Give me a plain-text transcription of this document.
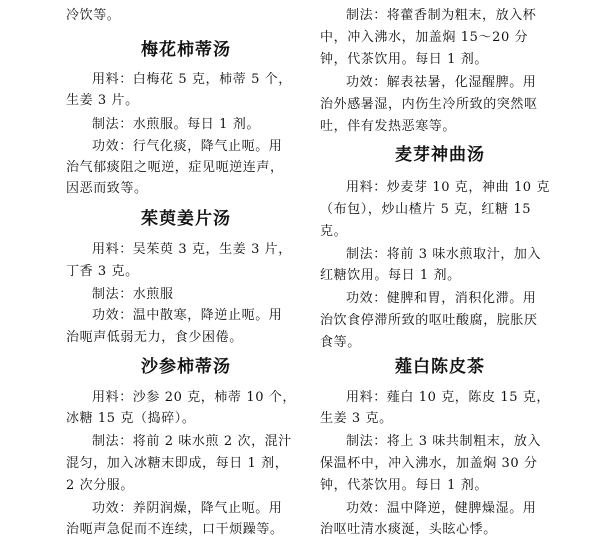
冷饮等。
梅花柿蒂汤
用料：白梅花 5 克，柿蒂 5 个，
生姜 3 片。
制法：水煎服。每日 1 剂。
功效：行气化痰，降气止呃。用
治气郁痰阻之呃逆，症见呃逆连声，
因恶而致等。
茱萸姜片汤
用料：吴茱萸 3 克，生姜 3 片，
丁香 3 克。
制法：水煎服
功效：温中散寒，降逆止呃。用
治呃声低弱无力，食少困倦。
沙参柿蒂汤
用料：沙参 20 克，柿蒂 10 个，
冰糖 15 克（捣碎）。
制法：将前 2 味水煎 2 次，混汁
混匀，加入冰糖末即成，每日 1 剂，
2 次分服。
功效：养阴润燥，降气止呃。用
治呃声急促而不连续，口干烦躁等。
制法：将藿香制为粗末，放入杯
中，冲入沸水，加盖焖 15～20 分
钟，代茶饮用。每日 1 剂。
功效：解表祛暑，化湿醒脾。用
治外感暑湿，内伤生冷所致的突然呕
吐，伴有发热恶寒等。
麦芽神曲汤
用料：炒麦芽 10 克，神曲 10 克
（布包），炒山楂片 5 克，红糖 15
克。
制法：将前 3 味水煎取汁，加入
红糖饮用。每日 1 剂。
功效：健脾和胃，消积化滞。用
治饮食停滞所致的呕吐酸腐，脘胀厌
食等。
薤白陈皮茶
用料：薤白 10 克，陈皮 15 克，
生姜 3 克。
制法：将上 3 味共制粗末，放入
保温杯中，冲入沸水，加盖焖 30 分
钟，代茶饮用。每日 1 剂。
功效：温中降逆，健脾燥湿。用
治呕吐清水痰涎，头眩心悸。
